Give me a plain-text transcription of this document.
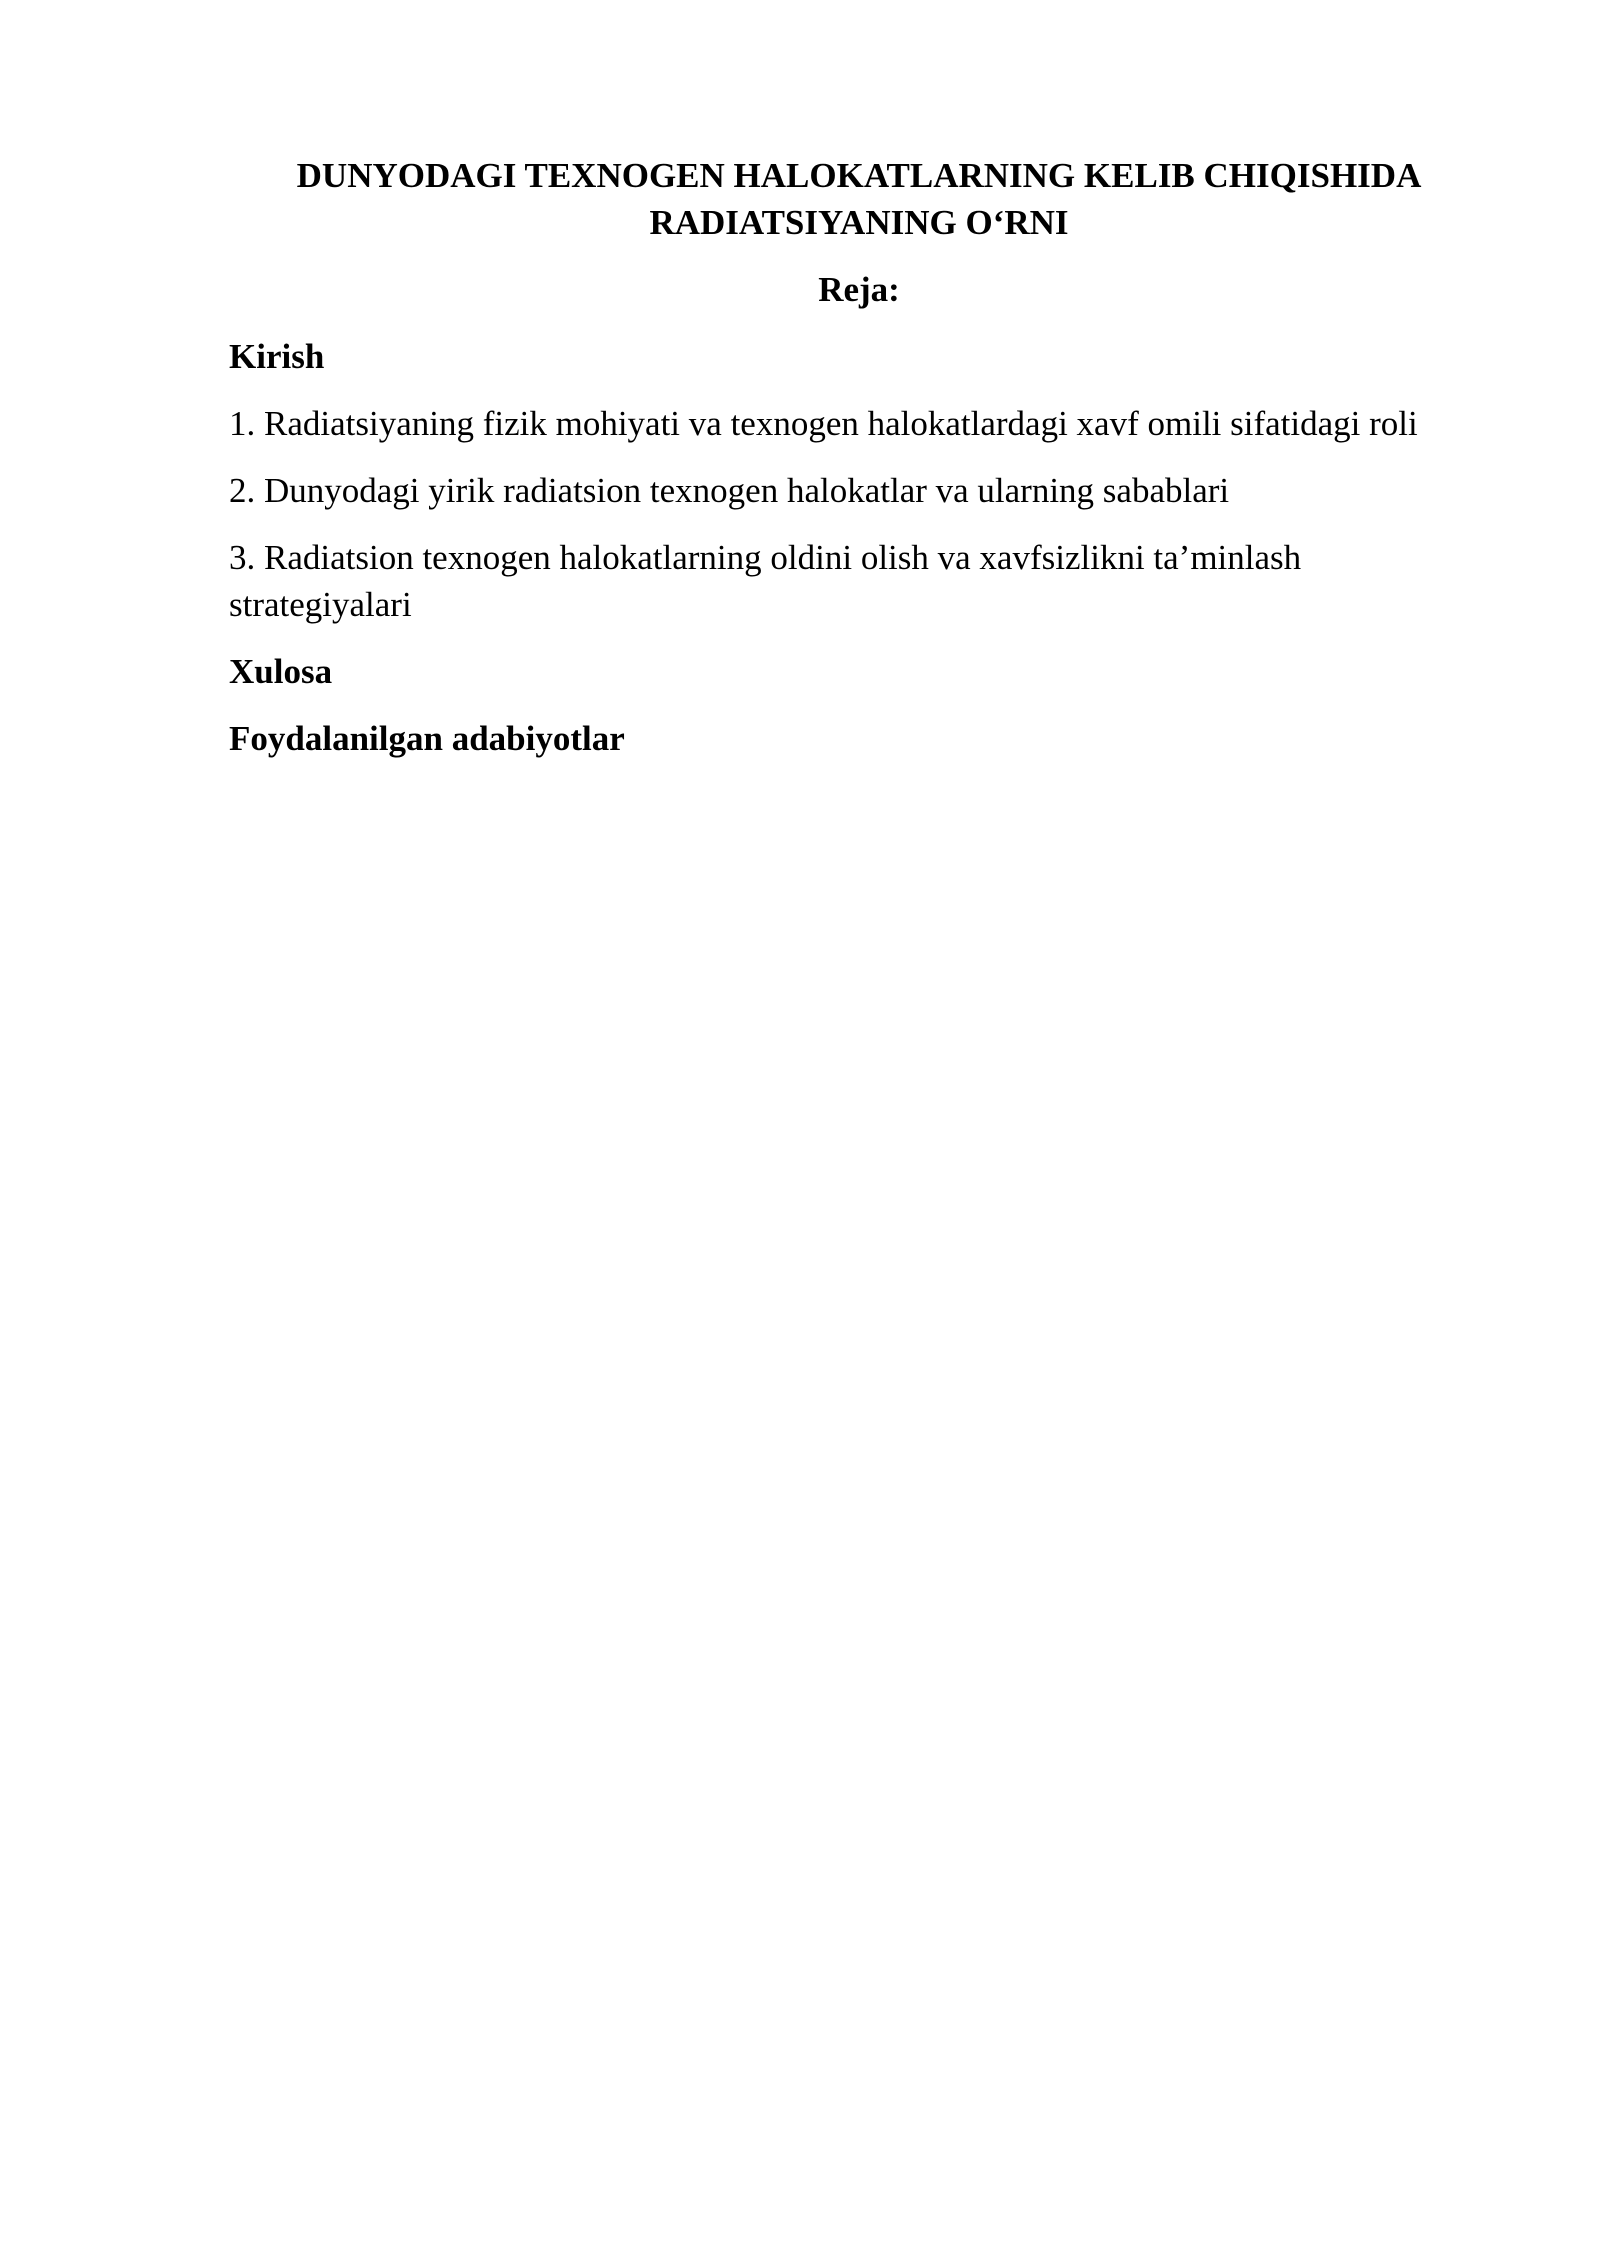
DUNYODAGI TEXNOGEN HALOKATLARNING KELIB CHIQISHIDA
RADIATSIYANING O‘RNI

Reja:

Kirish

1. Radiatsiyaning fizik mohiyati va texnogen halokatlardagi xavf omili sifatidagi roli
2. Dunyodagi yirik radiatsion texnogen halokatlar va ularning sabablari
3. Radiatsion texnogen halokatlarning oldini olish va xavfsizlikni ta’minlash strategiyalari

Xulosa

Foydalanilgan adabiyotlar
